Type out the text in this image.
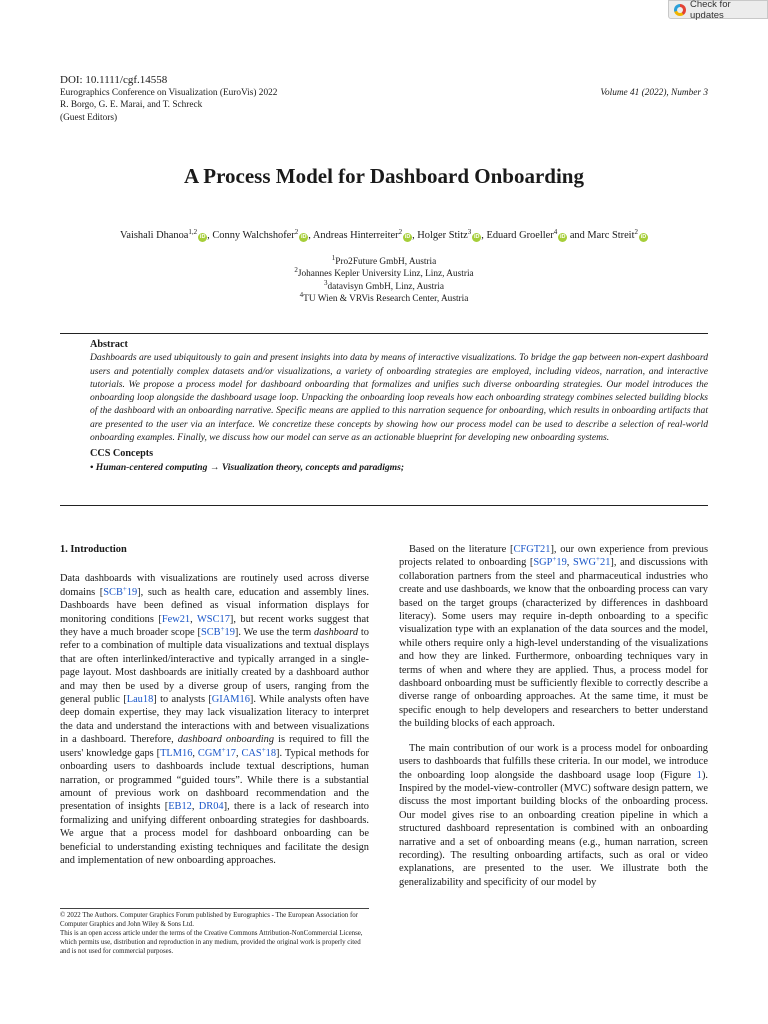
Check for updates
DOI: 10.1111/cgf.14558
Eurographics Conference on Visualization (EuroVis) 2022
R. Borgo, G. E. Marai, and T. Schreck
(Guest Editors)
Volume 41 (2022), Number 3
A Process Model for Dashboard Onboarding
Vaishali Dhanoa$^{1,2}$iD , Conny Walchshofer$^2$iD , Andreas Hinterreiter$^2$iD , Holger Stitz$^3$iD , Eduard Groeller$^4$iD and Marc Streit$^2$iD
$^1$Pro2Future GmbH, Austria
$^2$Johannes Kepler University Linz, Linz, Austria
$^3$datavisyn GmbH, Linz, Austria
$^4$TU Wien & VRVis Research Center, Austria
Abstract

Dashboards are used ubiquitously to gain and present insights into data by means of interactive visualizations. To bridge the gap between non-expert dashboard users and potentially complex datasets and/or visualizations, a variety of onboarding strategies are employed, including videos, narration, and interactive tutorials. We propose a process model for dashboard onboarding that formalizes and unifies such diverse onboarding strategies. Our model introduces the onboarding loop alongside the dashboard usage loop. Unpacking the onboarding loop reveals how each onboarding strategy combines selected building blocks of the dashboard with an onboarding narrative. Specific means are applied to this narration sequence for onboarding, which results in onboarding artifacts that are presented to the user via an interface. We concretize these concepts by showing how our process model can be used to describe a selection of real-world onboarding examples. Finally, we discuss how our model can serve as an actionable blueprint for developing new onboarding systems.

CCS Concepts
• Human-centered computing → Visualization theory, concepts and paradigms;
1. Introduction

Data dashboards with visualizations are routinely used across diverse domains [SCB+19], such as health care, education and assembly lines. Dashboards have been defined as visual information displays for monitoring conditions [Few21, WSC17], but recent works suggest that they have a much broader scope [SCB+19]. We use the term dashboard to refer to a combination of multiple data visualizations and textual displays that are often interlinked/interactive and typically arranged in a single-page layout. Most dashboards are initially created by a dashboard author and may then be used by a diverse group of users, ranging from the general public [Lau18] to analysts [GIAM16]. While analysts often have deep domain expertise, they may lack visualization literacy to interpret the data and understand the interactions with and between visualizations in a dashboard. Therefore, dashboard onboarding is required to fill the users' knowledge gaps [TLM16, CGM+17, CAS+18]. Typical methods for onboarding users to dashboards include textual descriptions, human narration, or programmed “guided tours”. While there is a substantial amount of previous work on dashboard recommendation and the presentation of insights [EB12, DR04], there is a lack of research into formalizing and unifying different onboarding strategies for dashboards. We argue that a process model for dashboard onboarding can be beneficial to understanding existing techniques and facilitate the design and implementation of new onboarding approaches.

Based on the literature [CFGT21], our own experience from previous projects related to onboarding [SGP+19, SWG+21], and discussions with collaboration partners from the steel and pharmaceutical industries who create and use dashboards, we know that the onboarding process can vary based on the target groups (characterized by differences in dashboard literacy). Some users may require in-depth onboarding to a specific visualization type with an explanation of the data sources and the model, while others require only a high-level understanding of the visualizations and how they are linked. Furthermore, onboarding techniques vary in terms of when and where they are applied. Thus, a process model for dashboard onboarding must be sufficiently flexible to correctly describe a diverse range of onboarding approaches. At the same time, it must be specific enough to help developers and researchers to better understand the building blocks of each approach.

The main contribution of our work is a process model for onboarding users to dashboards that fulfills these criteria. In our model, we introduce the onboarding loop alongside the dashboard usage loop (Figure 1). Inspired by the model-view-controller (MVC) software design pattern, we discuss the most important building blocks of the onboarding process. Our model gives rise to an onboarding creation pipeline in which a structured dashboard representation is combined with an onboarding narrative and a set of onboarding means (e.g., human narration, screen recording). The resulting onboarding artifacts, such as oral or video explanations, are presented to the user. We illustrate both the generalizability and specificity of our model by

© 2022 The Authors. Computer Graphics Forum published by Eurographics - The European Association for Computer Graphics and John Wiley & Sons Ltd.
This is an open access article under the terms of the Creative Commons Attribution-NonCommercial License, which permits use, distribution and reproduction in any medium, provided the original work is properly cited and is not used for commercial purposes.
